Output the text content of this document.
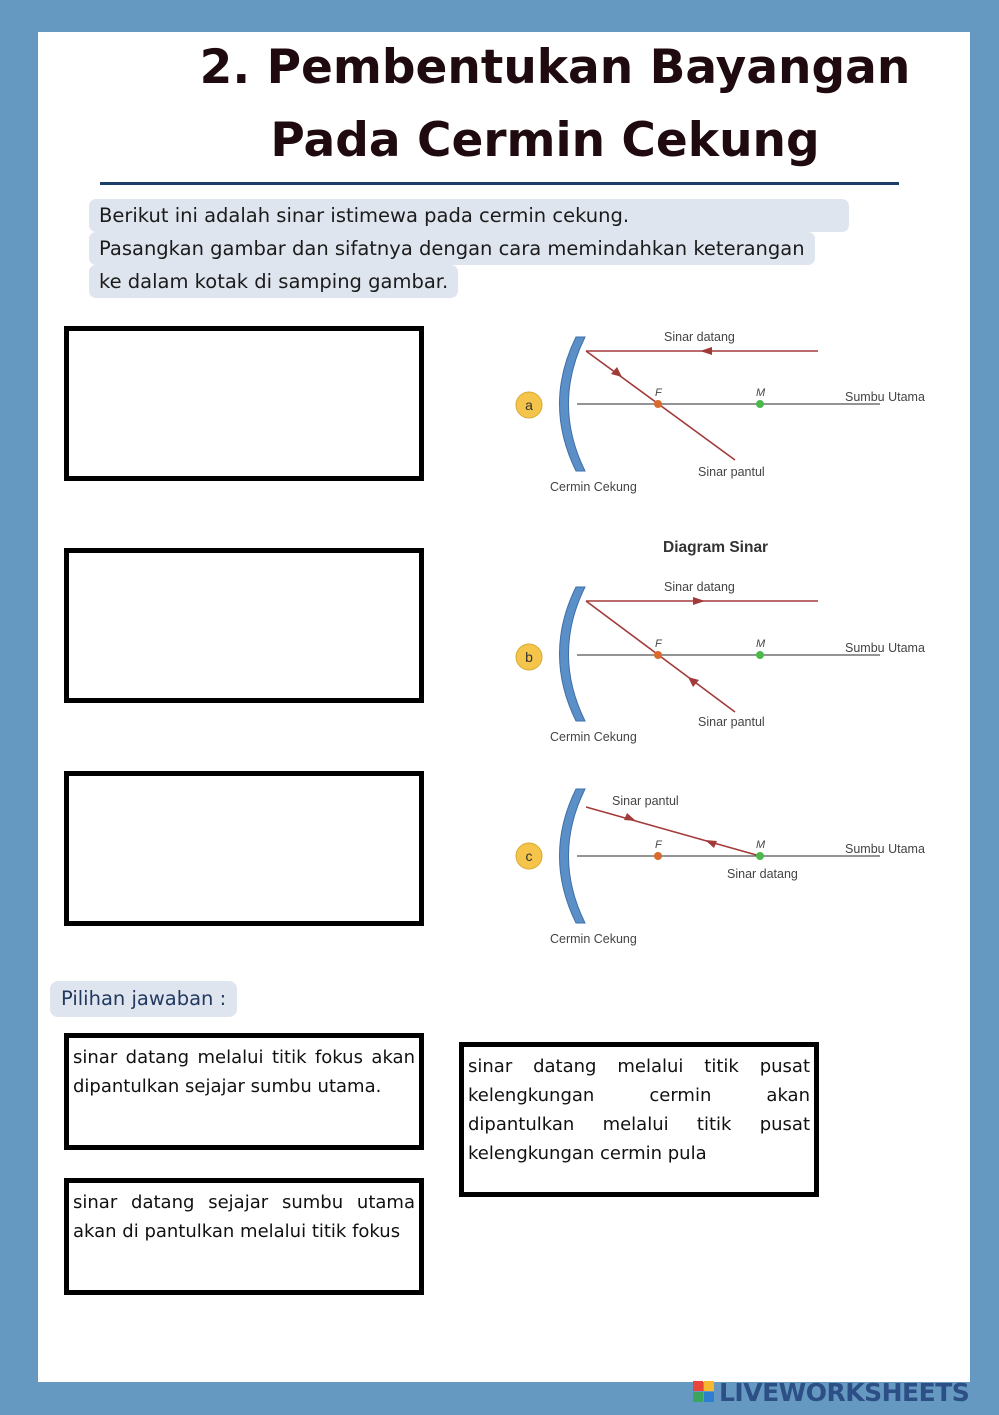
2. Pembentukan Bayangan
Pada Cermin Cekung
Berikut ini adalah sinar istimewa pada cermin cekung.
Pasangkan gambar dan sifatnya dengan cara memindahkan keterangan
ke dalam kotak di samping gambar.
F	M
Sinar datang
Sinar pantul
Sumbu Utama
Cermin Cekung
a
Diagram Sinar
F	M
Sinar datang
Sinar pantul
Sumbu Utama
Cermin Cekung
b
F	M
Sinar pantul
Sinar datang
Sumbu Utama
Cermin Cekung
c
Pilihan jawaban :
sinar datang melalui titik fokus akan dipantulkan sejajar sumbu utama.
sinar datang sejajar sumbu utama akan di pantulkan melalui titik fokus
sinar datang melalui titik pusat kelengkungan cermin akan dipantulkan melalui titik pusat kelengkungan cermin pula
LIVEWORKSHEETS
